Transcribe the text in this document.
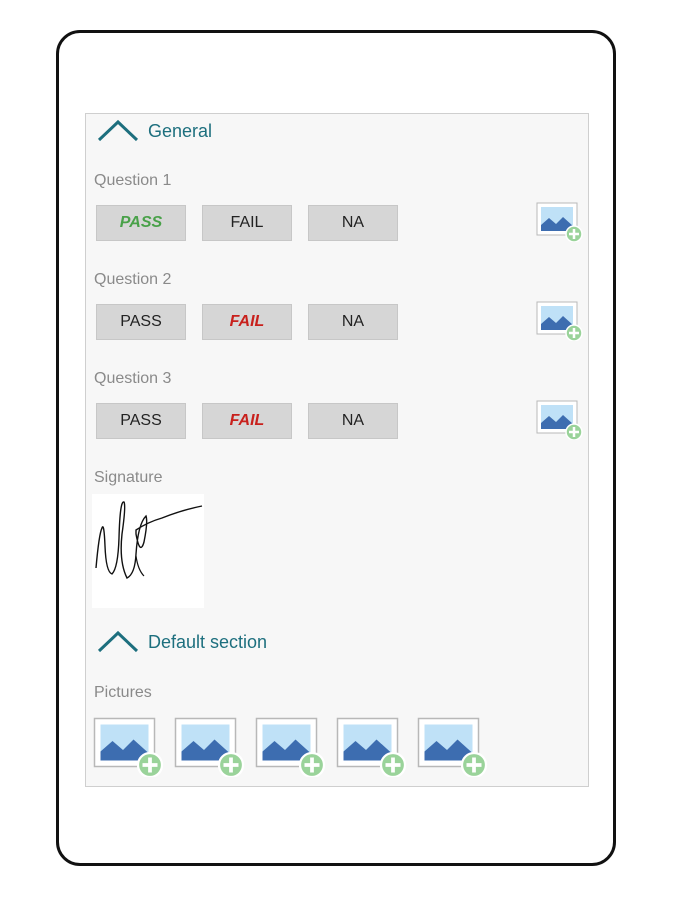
General
Question 1
PASS	FAIL	NA
Question 2
PASS	FAIL	NA
Question 3
PASS	FAIL	NA
Signature
Default section
Pictures
